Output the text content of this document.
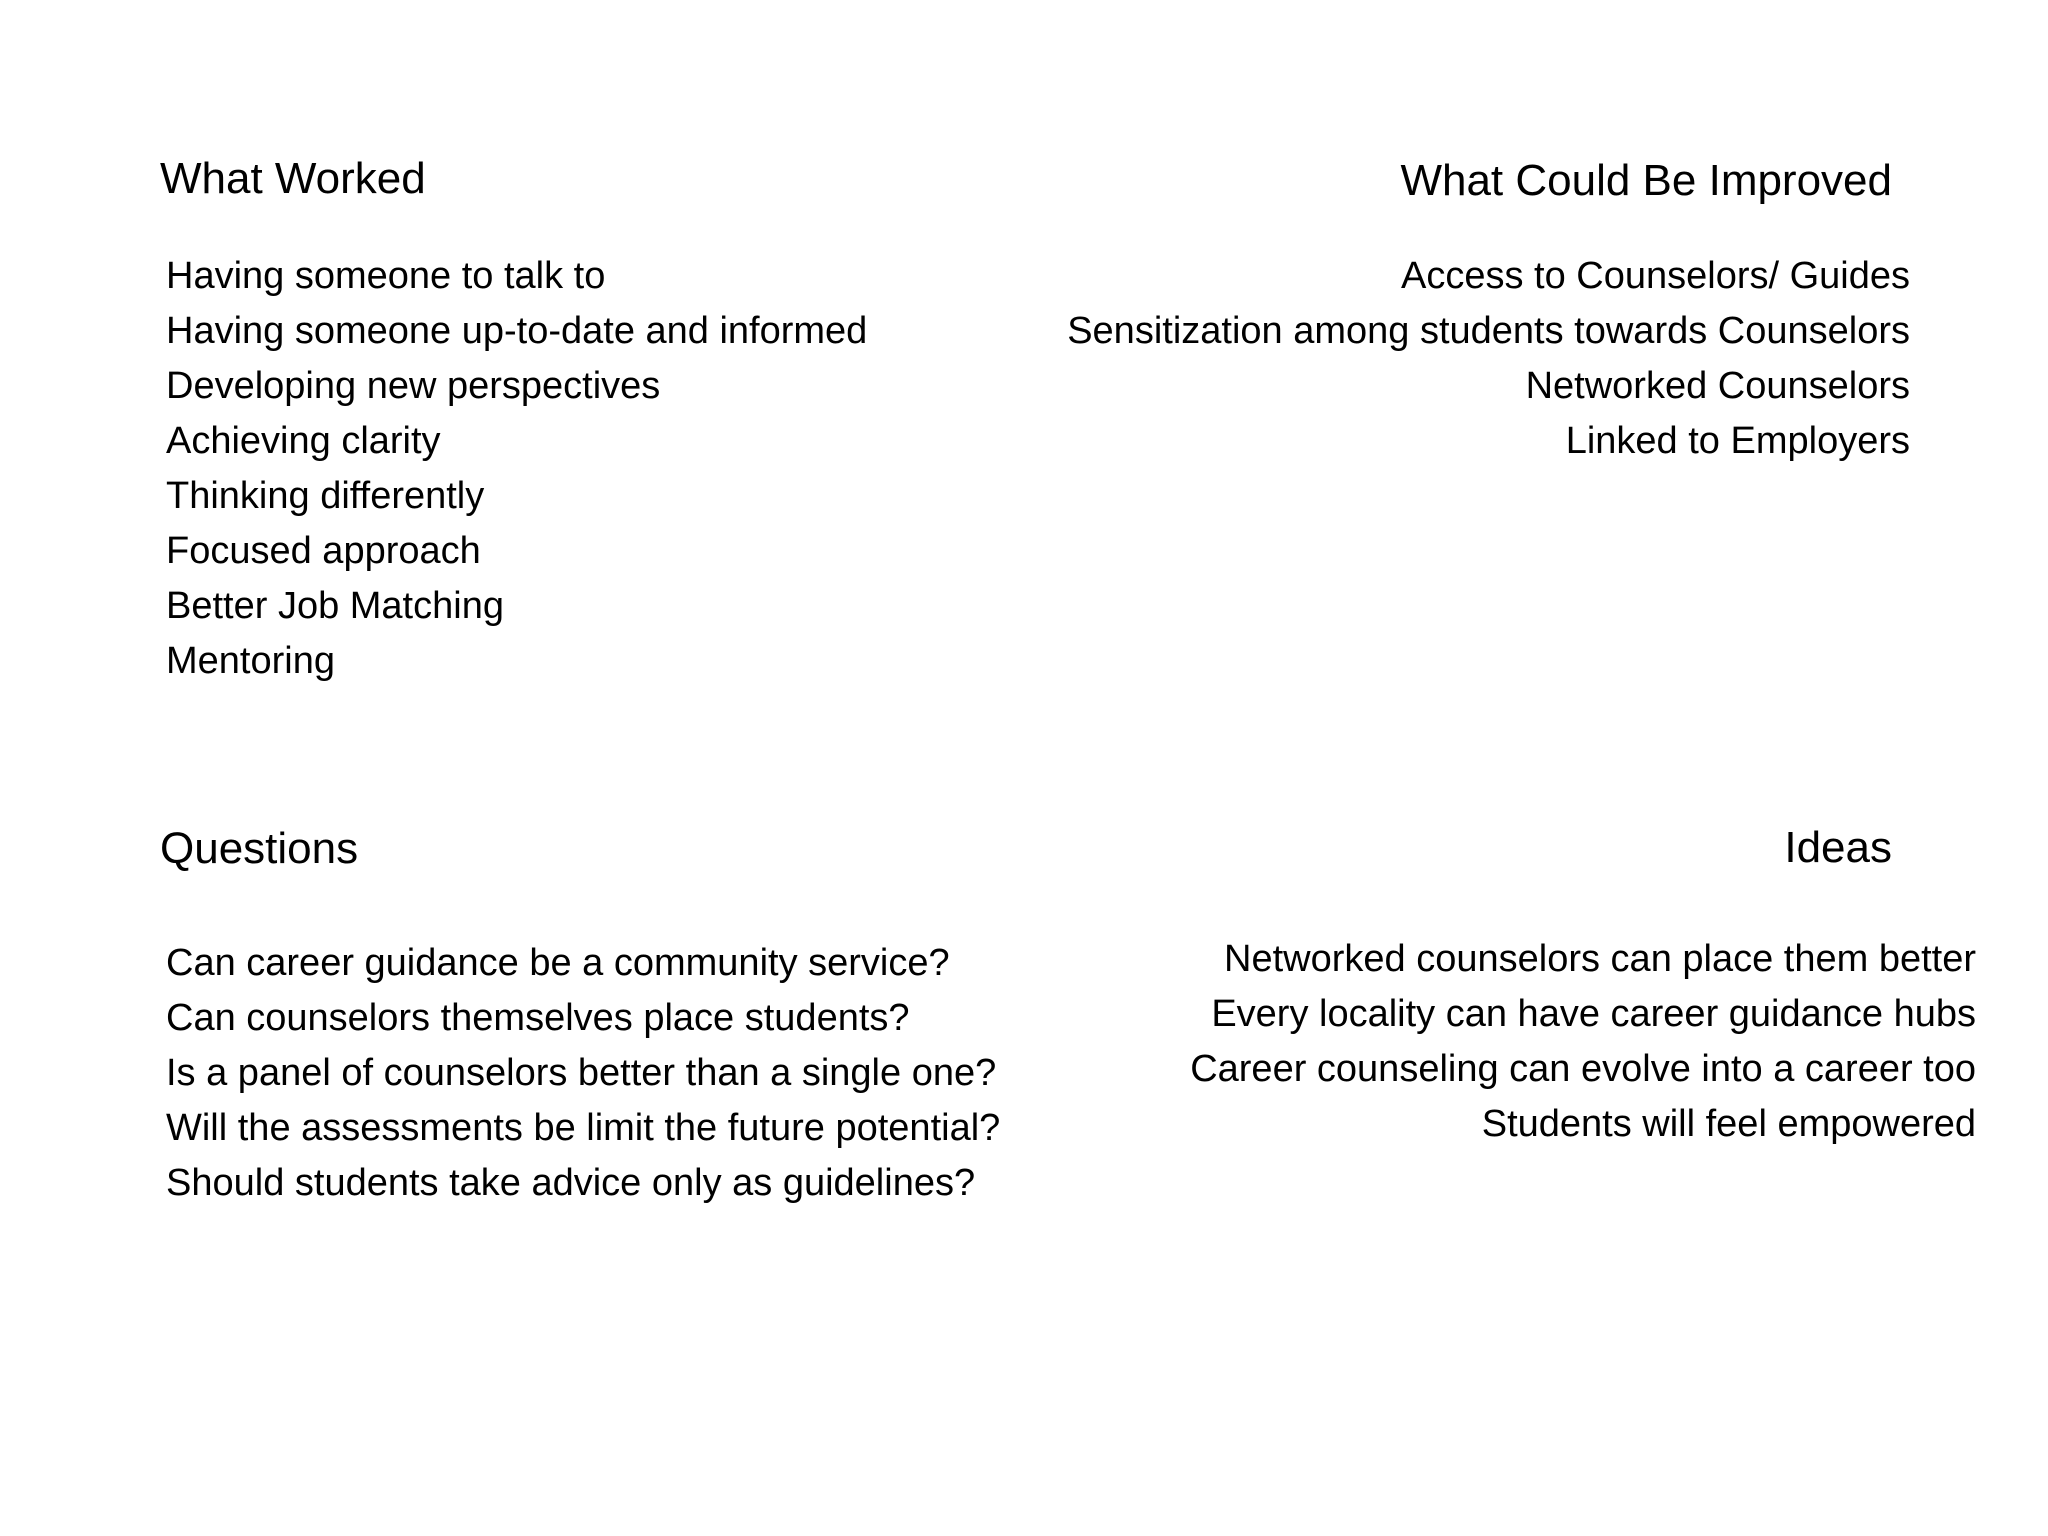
What Worked
Having someone to talk to
Having someone up-to-date and informed
Developing new perspectives
Achieving clarity
Thinking differently
Focused approach
Better Job Matching
Mentoring
What Could Be Improved
Access to Counselors/ Guides
Sensitization among students towards Counselors
Networked Counselors
Linked to Employers
Questions
Can career guidance be a community service?
Can counselors themselves place students?
Is a panel of counselors better than a single one?
Will the assessments be limit the future potential?
Should students take advice only as guidelines?
Ideas
Networked counselors can place them better
Every locality can have career guidance hubs
Career counseling can evolve into a career too
Students will feel empowered
